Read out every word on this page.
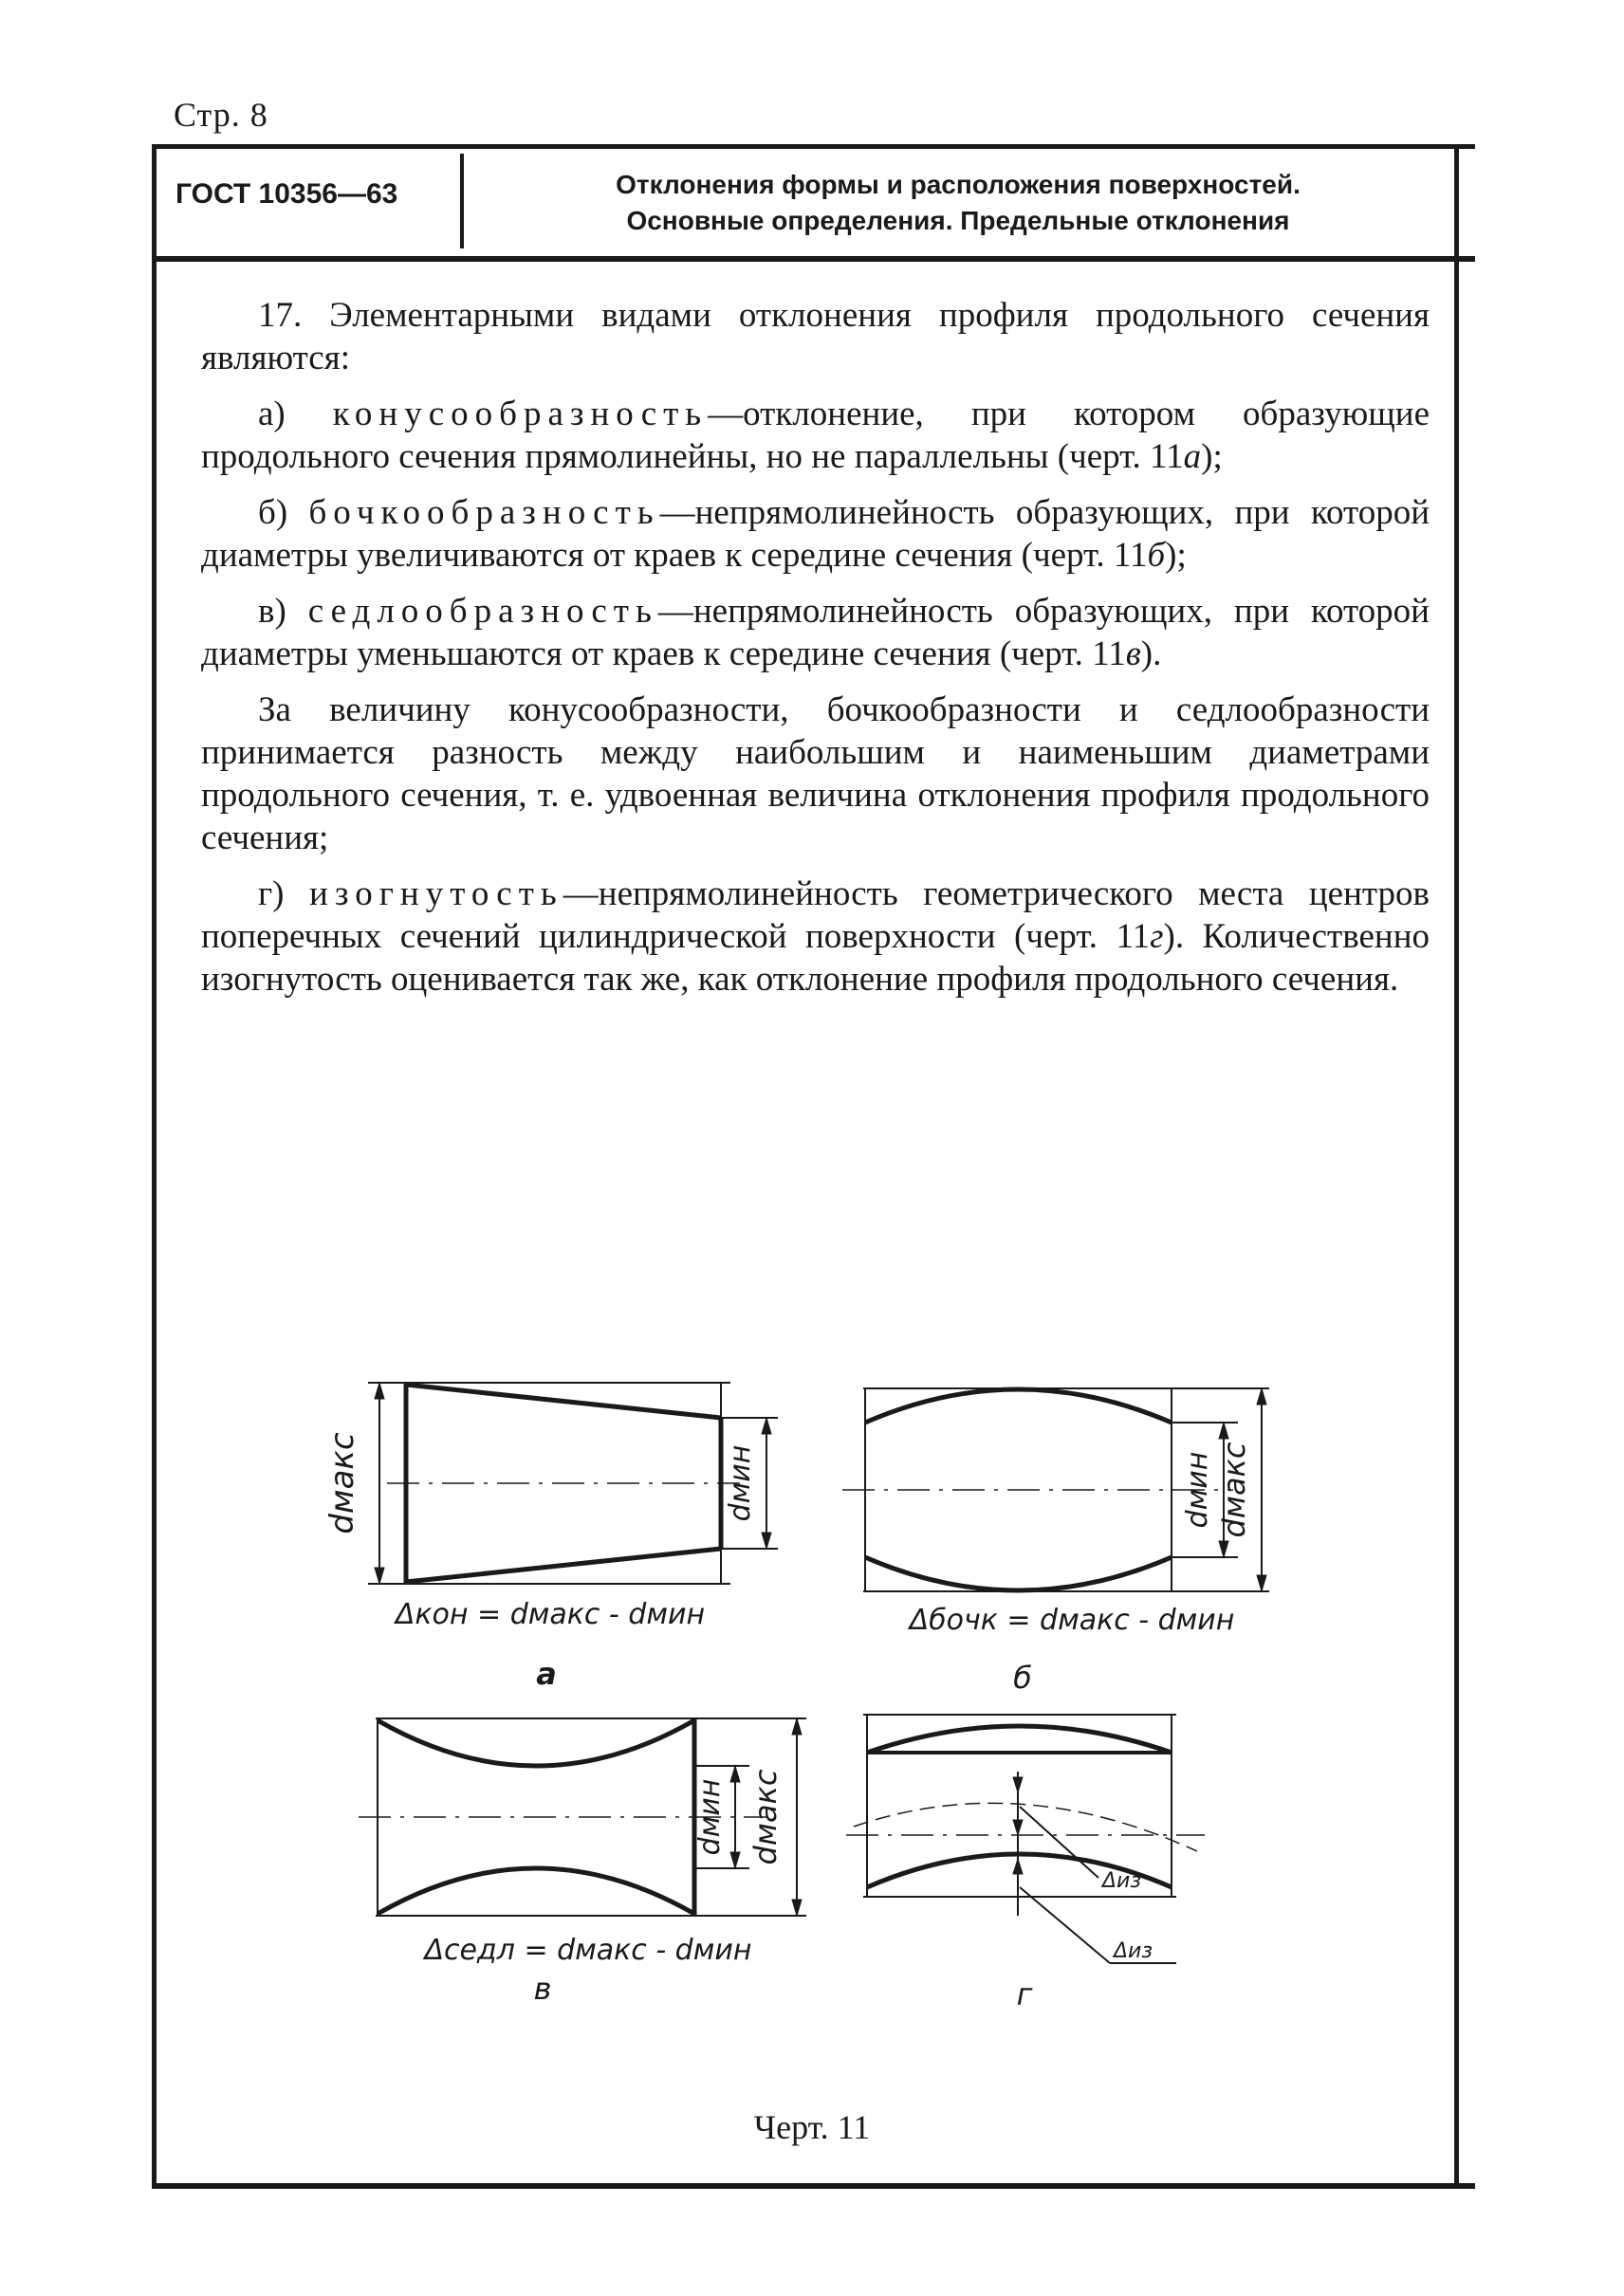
Стр. 8
ГОСТ 10356—63	Отклонения формы и расположения поверхностей.
Основные определения. Предельные отклонения

17. Элементарными видами отклонения профиля продольного сечения являются:

а) конусообразность—отклонение, при котором образующие продольного сечения прямолинейны, но не параллельны (черт. 11а);

б) бочкообразность—непрямолинейность образующих, при которой диаметры увеличиваются от краев к середине сечения (черт. 11б);

в) седлообразность—непрямолинейность образующих, при которой диаметры уменьшаются от краев к середине сечения (черт. 11в).

За величину конусообразности, бочкообразности и седлообразности принимается разность между наибольшим и наименьшим диаметрами продольного сечения, т. е. удвоенная величина отклонения профиля продольного сечения;

г) изогнутость—непрямолинейность геометрического места центров поперечных сечений цилиндрической поверхности (черт. 11г). Количественно изогнутость оценивается так же, как отклонение профиля продольного сечения.

dмакс	dмин
Δкон = dмакс - dмин
а
dмин dмакс
Δбочк = dмакс - dмин
б
dмин dмакс
Δседл = dмакс - dмин
в
Δиз
Δиз
г
Черт. 11
